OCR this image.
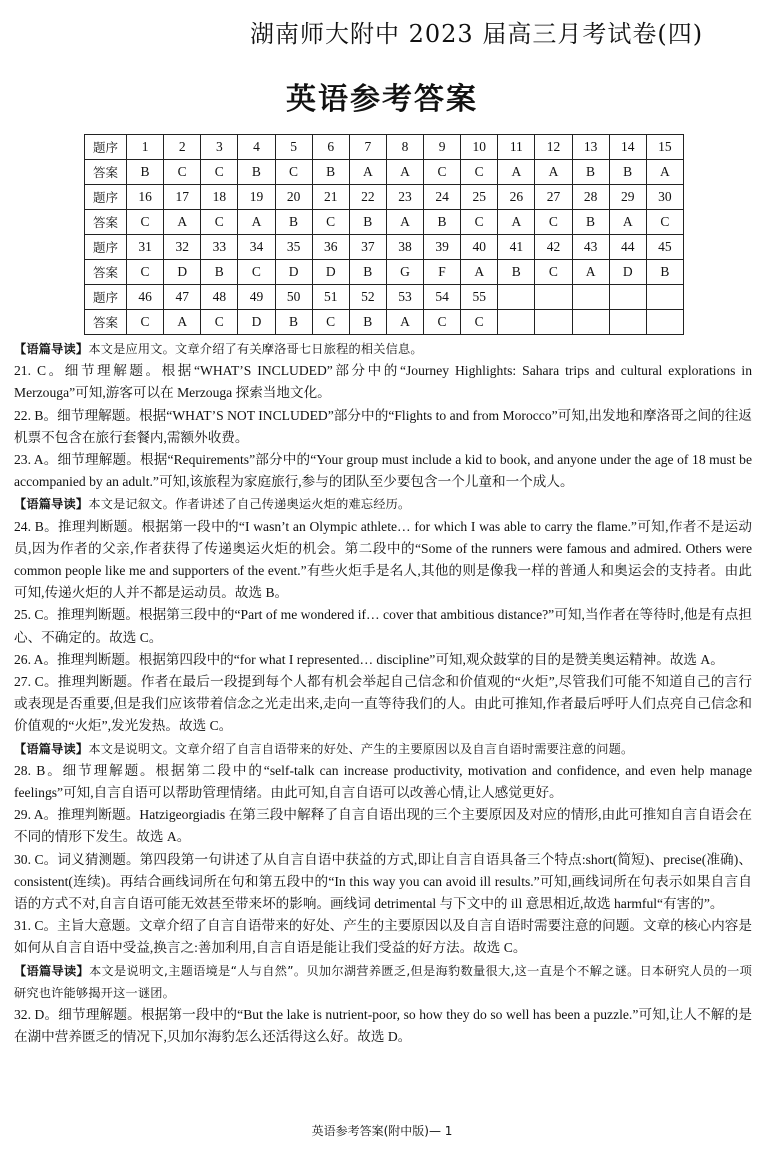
湖南师大附中 2023 届高三月考试卷(四)
英语参考答案
题序	1	2	3	4	5	6	7	8	9	10	11	12	13	14	15
答案	B	C	C	B	C	B	A	A	C	C	A	A	B	B	A
题序	16	17	18	19	20	21	22	23	24	25	26	27	28	29	30
答案	C	A	C	A	B	C	B	A	B	C	A	C	B	A	C
题序	31	32	33	34	35	36	37	38	39	40	41	42	43	44	45
答案	C	D	B	C	D	D	B	G	F	A	B	C	A	D	B
题序	46	47	48	49	50	51	52	53	54	55					
答案	C	A	C	D	B	C	B	A	C	C					

【语篇导读】本文是应用文。文章介绍了有关摩洛哥七日旅程的相关信息。

21. C。细节理解题。根据“WHAT’S INCLUDED”部分中的“Journey Highlights: Sahara trips and cultural explorations in Merzouga”可知,游客可以在 Merzouga 探索当地文化。

22. B。细节理解题。根据“WHAT’S NOT INCLUDED”部分中的“Flights to and from Morocco”可知,出发地和摩洛哥之间的往返机票不包含在旅行套餐内,需额外收费。

23. A。细节理解题。根据“Requirements”部分中的“Your group must include a kid to book, and anyone under the age of 18 must be accompanied by an adult.”可知,该旅程为家庭旅行,参与的团队至少要包含一个儿童和一个成人。

【语篇导读】本文是记叙文。作者讲述了自己传递奥运火炬的难忘经历。

24. B。推理判断题。根据第一段中的“I wasn’t an Olympic athlete… for which I was able to carry the flame.”可知,作者不是运动员,因为作者的父亲,作者获得了传递奥运火炬的机会。第二段中的“Some of the runners were famous and admired. Others were common people like me and supporters of the event.”有些火炬手是名人,其他的则是像我一样的普通人和奥运会的支持者。由此可知,传递火炬的人并不都是运动员。故选 B。

25. C。推理判断题。根据第三段中的“Part of me wondered if… cover that ambitious distance?”可知,当作者在等待时,他是有点担心、不确定的。故选 C。

26. A。推理判断题。根据第四段中的“for what I represented… discipline”可知,观众鼓掌的目的是赞美奥运精神。故选 A。

27. C。推理判断题。作者在最后一段提到每个人都有机会举起自己信念和价值观的“火炬”,尽管我们可能不知道自己的言行或表现是否重要,但是我们应该带着信念之光走出来,走向一直等待我们的人。由此可推知,作者最后呼吁人们点亮自己信念和价值观的“火炬”,发光发热。故选 C。

【语篇导读】本文是说明文。文章介绍了自言自语带来的好处、产生的主要原因以及自言自语时需要注意的问题。

28. B。细节理解题。根据第二段中的“self-talk can increase productivity, motivation and confidence, and even help manage feelings”可知,自言自语可以帮助管理情绪。由此可知,自言自语可以改善心情,让人感觉更好。

29. A。推理判断题。Hatzigeorgiadis 在第三段中解释了自言自语出现的三个主要原因及对应的情形,由此可推知自言自语会在不同的情形下发生。故选 A。

30. C。词义猜测题。第四段第一句讲述了从自言自语中获益的方式,即让自言自语具备三个特点:short(简短)、precise(准确)、consistent(连续)。再结合画线词所在句和第五段中的“In this way you can avoid ill results.”可知,画线词所在句表示如果自言自语的方式不对,自言自语可能无效甚至带来坏的影响。画线词 detrimental 与下文中的 ill 意思相近,故选 harmful“有害的”。

31. C。主旨大意题。文章介绍了自言自语带来的好处、产生的主要原因以及自言自语时需要注意的问题。文章的核心内容是如何从自言自语中受益,换言之:善加利用,自言自语是能让我们受益的好方法。故选 C。

【语篇导读】本文是说明文,主题语境是“人与自然”。贝加尔湖营养匮乏,但是海豹数量很大,这一直是个不解之谜。日本研究人员的一项研究也许能够揭开这一谜团。

32. D。细节理解题。根据第一段中的“But the lake is nutrient-poor, so how they do so well has been a puzzle.”可知,让人不解的是在湖中营养匮乏的情况下,贝加尔海豹怎么还活得这么好。故选 D。

英语参考答案(附中版)— 1
